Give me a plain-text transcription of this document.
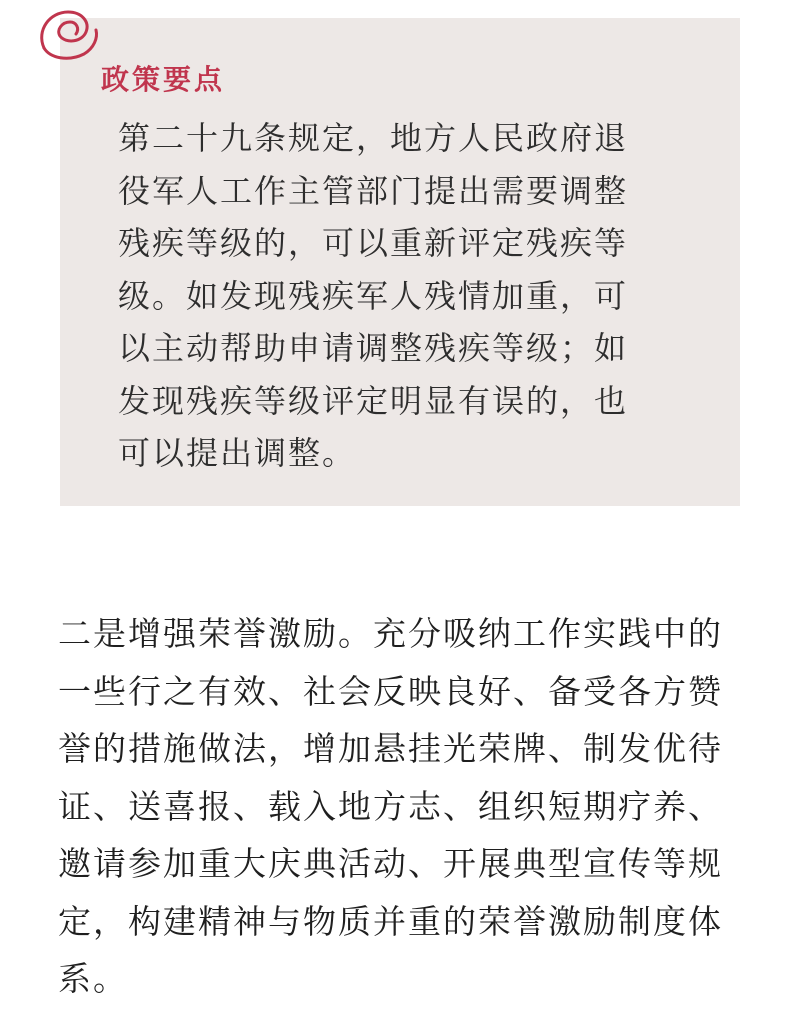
政策要点
第二十九条规定，地方人民政府退
役军人工作主管部门提出需要调整
残疾等级的，可以重新评定残疾等
级。如发现残疾军人残情加重，可
以主动帮助申请调整残疾等级；如
发现残疾等级评定明显有误的，也
可以提出调整。
二是增强荣誉激励。充分吸纳工作实践中的
一些行之有效、社会反映良好、备受各方赞
誉的措施做法，增加悬挂光荣牌、制发优待
证、送喜报、载入地方志、组织短期疗养、
邀请参加重大庆典活动、开展典型宣传等规
定，构建精神与物质并重的荣誉激励制度体
系。
